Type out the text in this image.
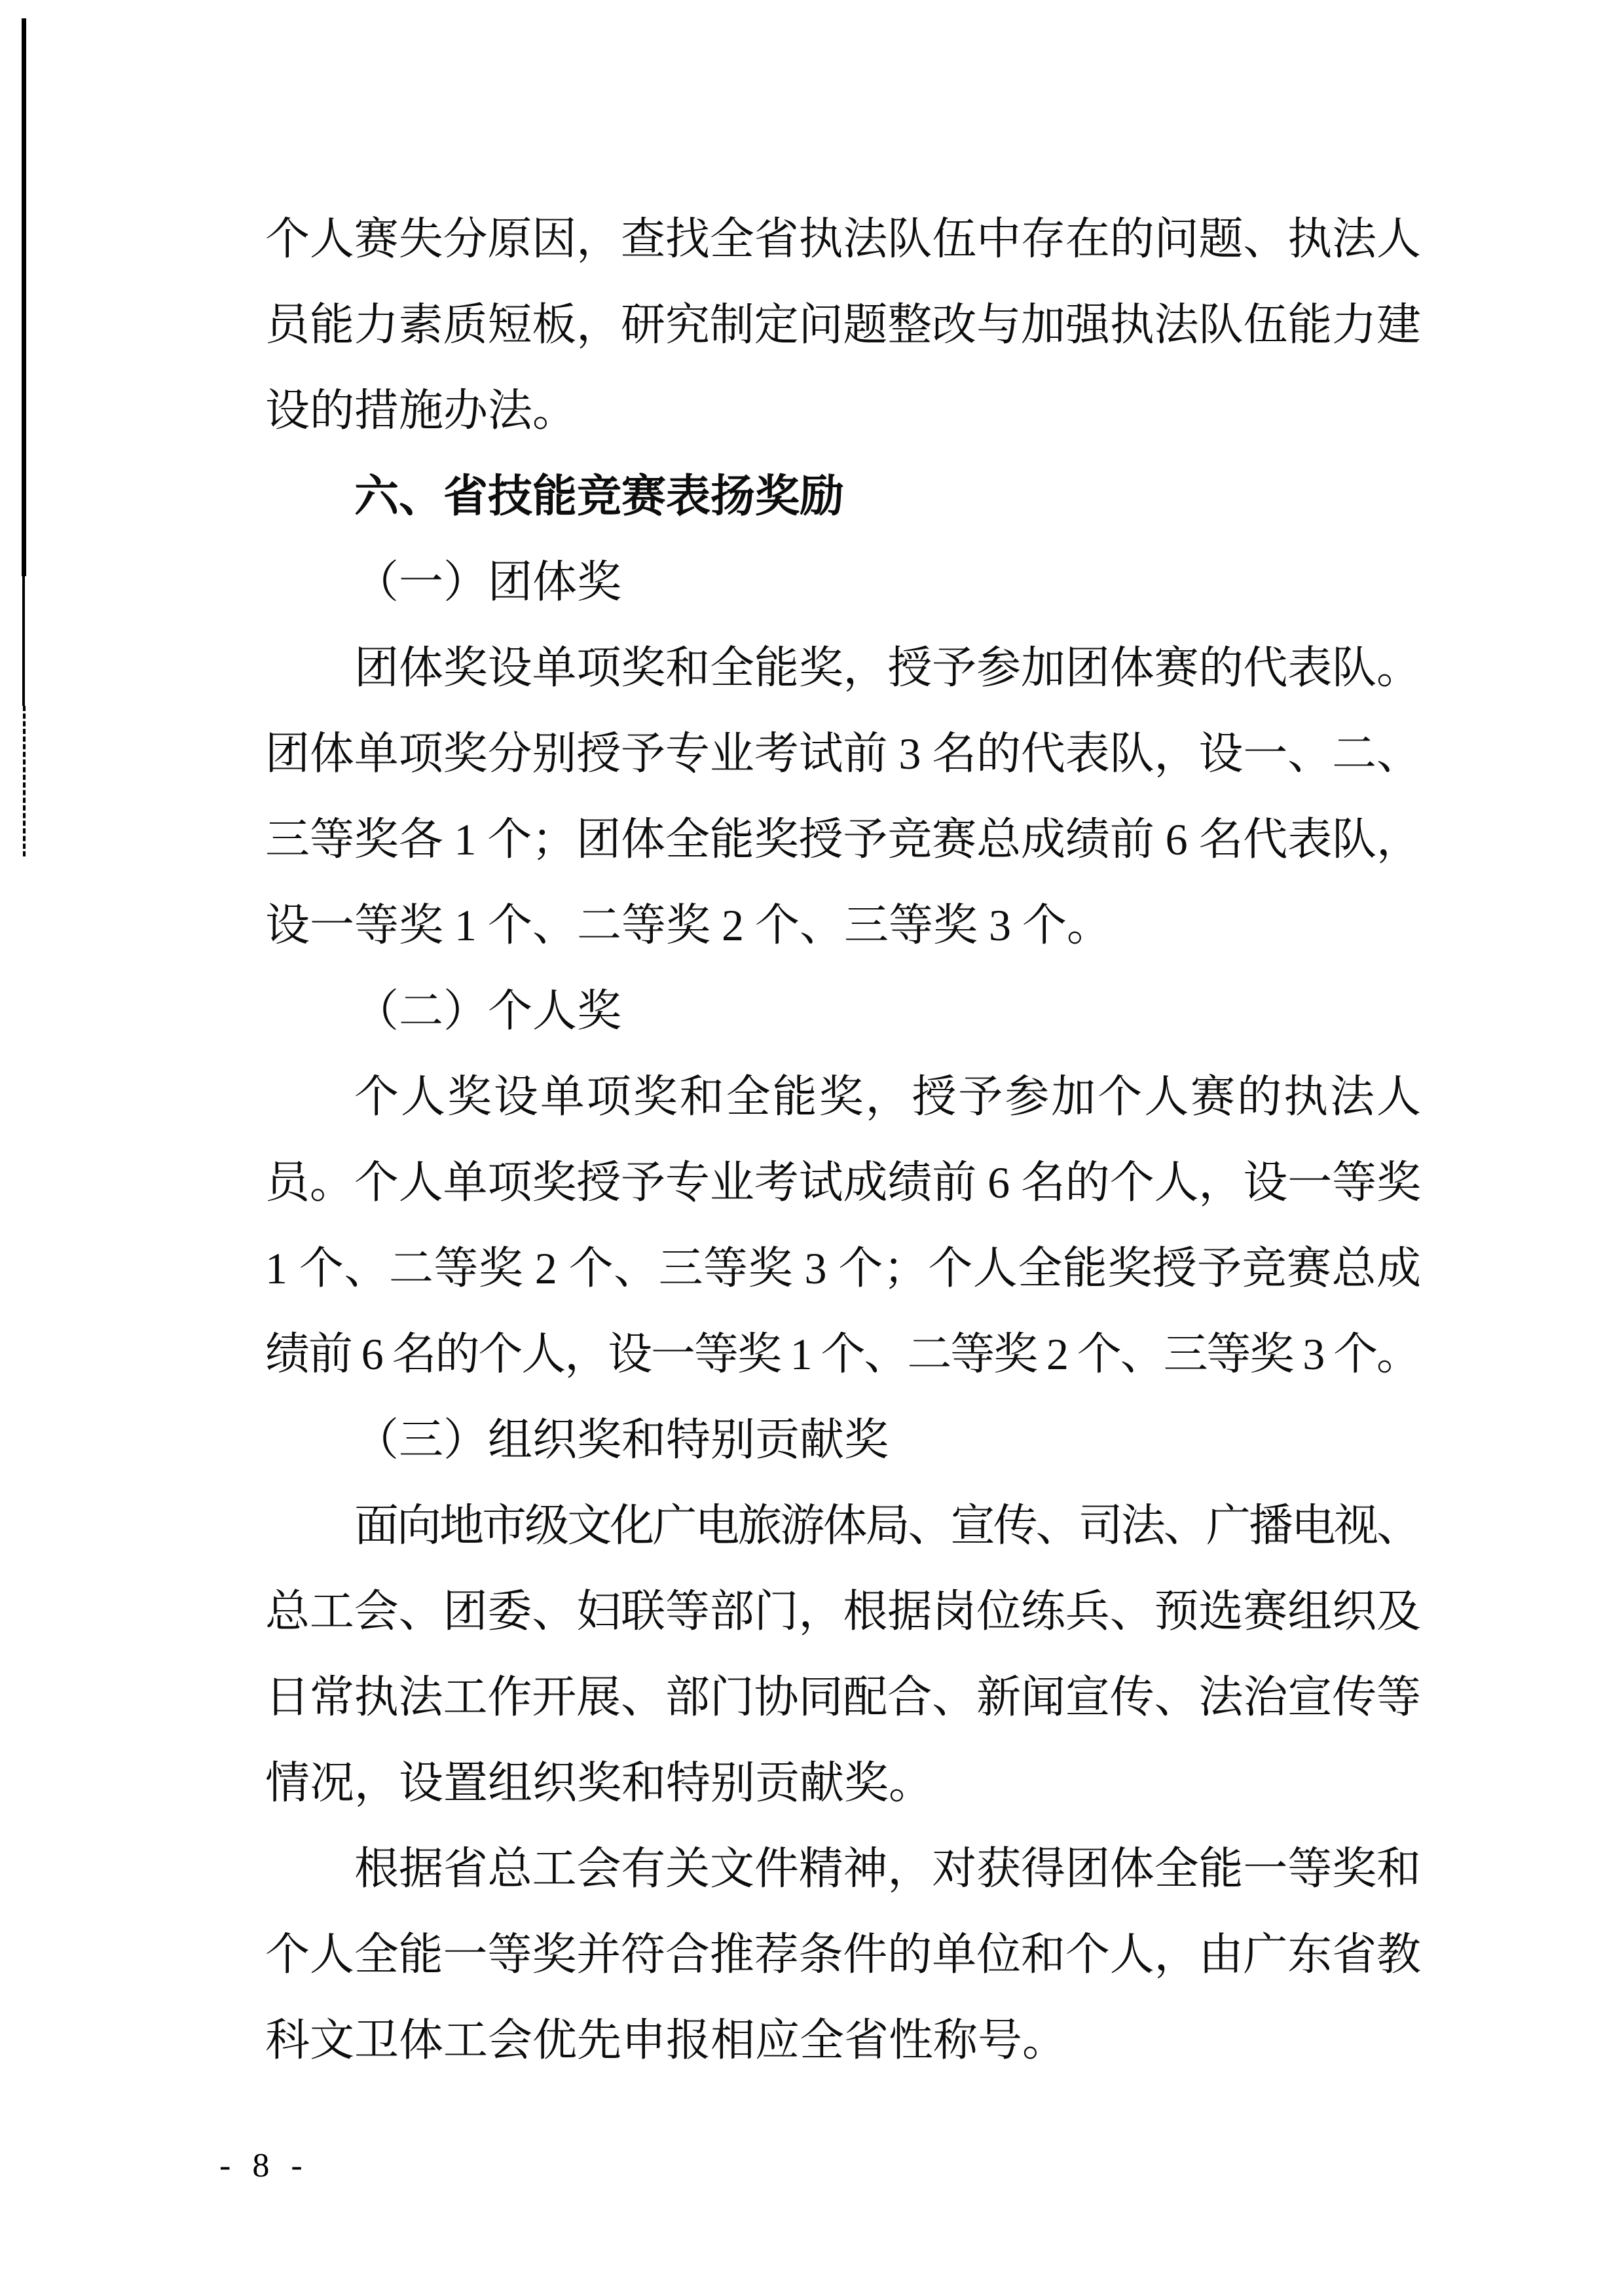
个人赛失分原因，查找全省执法队伍中存在的问题、执法人
员能力素质短板，研究制定问题整改与加强执法队伍能力建
设的措施办法。
六、省技能竞赛表扬奖励
（一）团体奖
团体奖设单项奖和全能奖，授予参加团体赛的代表队。
团体单项奖分别授予专业考试前 3 名的代表队，设一、二、
三等奖各 1 个；团体全能奖授予竞赛总成绩前 6 名代表队，
设一等奖 1 个、二等奖 2 个、三等奖 3 个。
（二）个人奖
个人奖设单项奖和全能奖，授予参加个人赛的执法人
员。个人单项奖授予专业考试成绩前 6 名的个人，设一等奖
1 个、二等奖 2 个、三等奖 3 个；个人全能奖授予竞赛总成
绩前 6 名的个人，设一等奖 1 个、二等奖 2 个、三等奖 3 个。
（三）组织奖和特别贡献奖
面向地市级文化广电旅游体局、宣传、司法、广播电视、
总工会、团委、妇联等部门，根据岗位练兵、预选赛组织及
日常执法工作开展、部门协同配合、新闻宣传、法治宣传等
情况，设置组织奖和特别贡献奖。
根据省总工会有关文件精神，对获得团体全能一等奖和
个人全能一等奖并符合推荐条件的单位和个人，由广东省教
科文卫体工会优先申报相应全省性称号。
- 8 -
